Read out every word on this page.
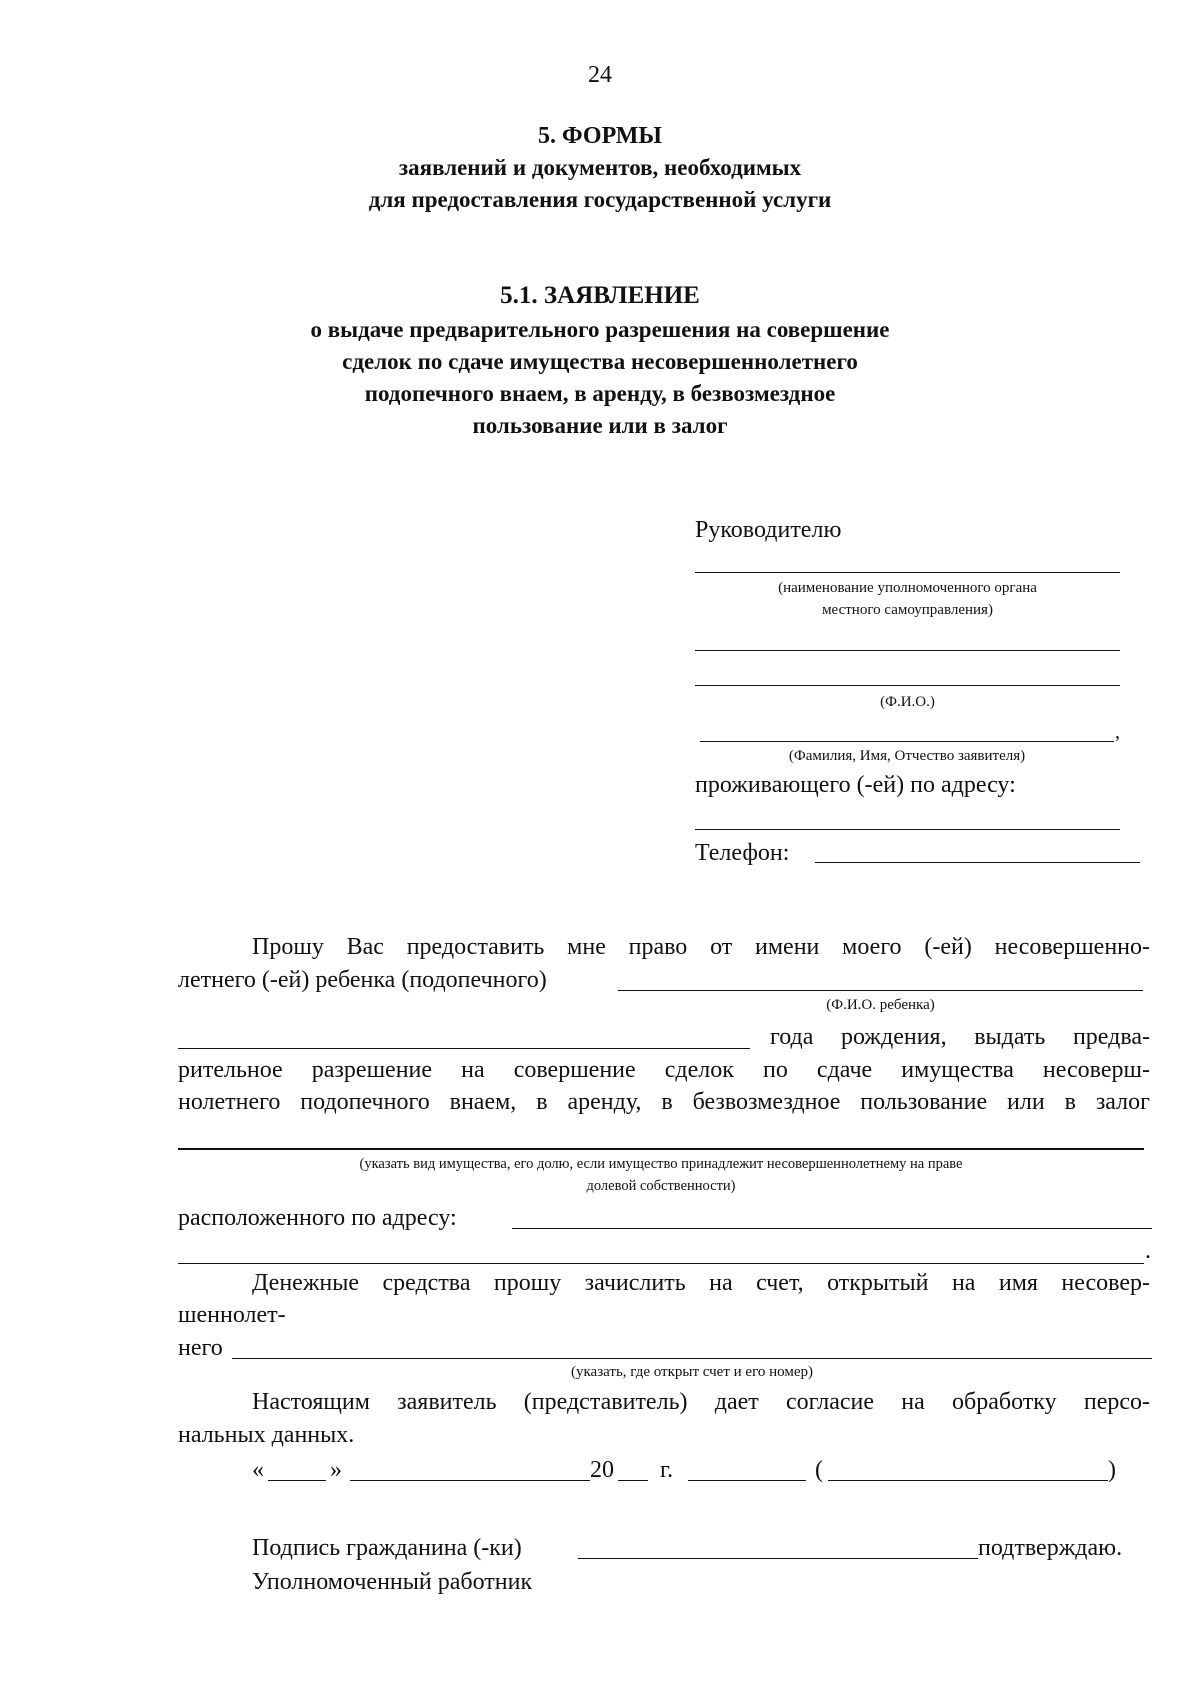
24
5. ФОРМЫ
заявлений и документов, необходимых
для предоставления государственной услуги
5.1. ЗАЯВЛЕНИЕ
о выдаче предварительного разрешения на совершение
сделок по сдаче имущества несовершеннолетнего
подопечного внаем, в аренду, в безвозмездное
пользование или в залог
Руководителю
(наименование уполномоченного органа
местного самоуправления)
(Ф.И.О.)
,
(Фамилия, Имя, Отчество заявителя)
проживающего (-ей) по адресу:
Телефон:
Прошу Вас предоставить мне право от имени моего (-ей) несовершенно-
летнего (-ей) ребенка (подопечного)
(Ф.И.О. ребенка)
года рождения, выдать предва-
рительное разрешение на совершение сделок по сдаче имущества несоверш-
нолетнего подопечного внаем, в аренду, в безвозмездное пользование или в залог
(указать вид имущества, его долю, если имущество принадлежит несовершеннолетнему на праве
долевой собственности)
расположенного по адресу:
.
Денежные средства прошу зачислить на счет, открытый на имя несовер-
шеннолет-
него
(указать, где открыт счет и его номер)
Настоящим заявитель (представитель) дает согласие на обработку персо-
нальных данных.
«	»	20 г.	(	)
Подпись гражданина (-ки)	подтверждаю.
Уполномоченный работник
